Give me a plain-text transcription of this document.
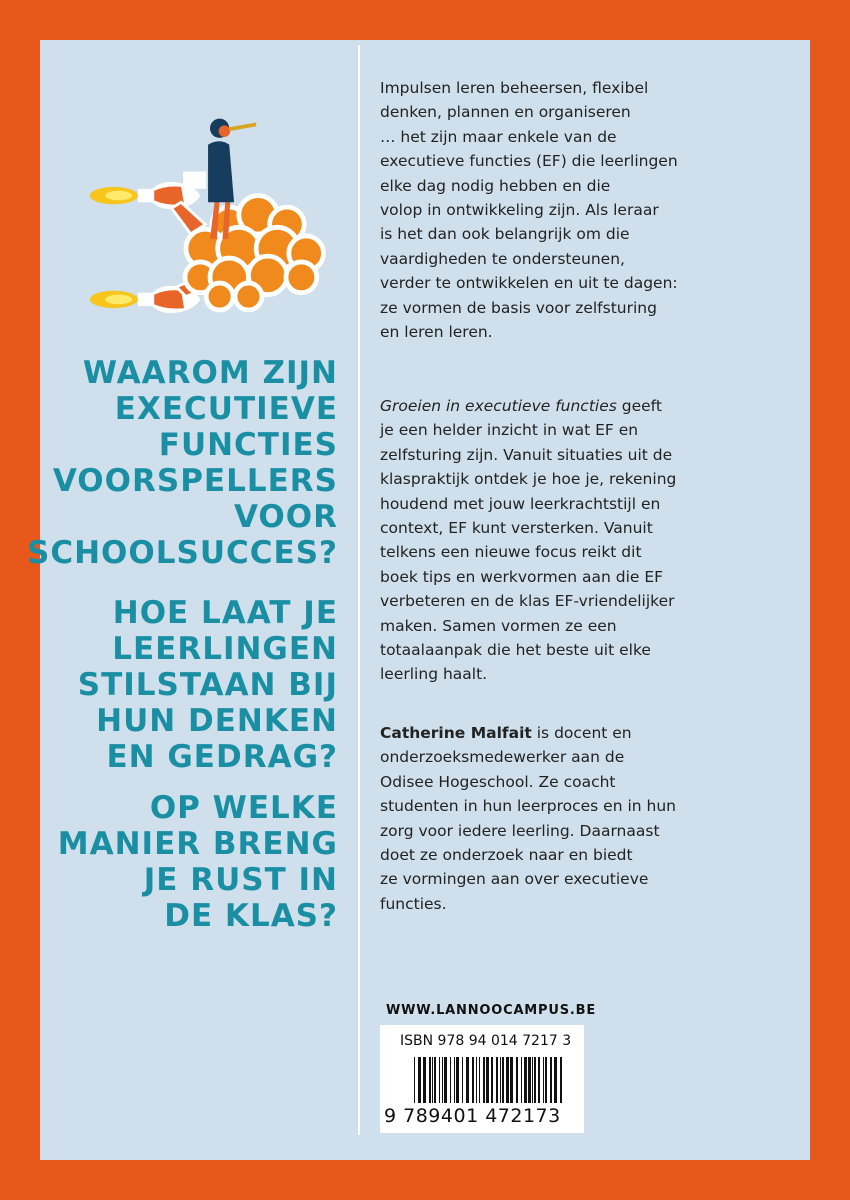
WAAROM ZIJN
EXECUTIEVE
FUNCTIES
VOORSPELLERS
VOOR
SCHOOLSUCCES?
HOE LAAT JE
LEERLINGEN
STILSTAAN BIJ
HUN DENKEN
EN GEDRAG?
OP WELKE
MANIER BRENG
JE RUST IN
DE KLAS?
Impulsen leren beheersen, flexibel
denken, plannen en organiseren
… het zijn maar enkele van de
executieve functies (EF) die leerlingen
elke dag nodig hebben en die
volop in ontwikkeling zijn. Als leraar
is het dan ook belangrijk om die
vaardigheden te ondersteunen,
verder te ontwikkelen en uit te dagen:
ze vormen de basis voor zelfsturing
en leren leren.
Groeien in executieve functies geeft
je een helder inzicht in wat EF en
zelfsturing zijn. Vanuit situaties uit de
klaspraktijk ontdek je hoe je, rekening
houdend met jouw leerkrachtstijl en
context, EF kunt versterken. Vanuit
telkens een nieuwe focus reikt dit
boek tips en werkvormen aan die EF
verbeteren en de klas EF-vriendelijker
maken. Samen vormen ze een
totaalaanpak die het beste uit elke
leerling haalt.
Catherine Malfait is docent en
onderzoeksmedewerker aan de
Odisee Hogeschool. Ze coacht
studenten in hun leerproces en in hun
zorg voor iedere leerling. Daarnaast
doet ze onderzoek naar en biedt
ze vormingen aan over executieve
functies.
WWW.LANNOOCAMPUS.BE
ISBN 978 94 014 7217 3
9 789401 472173
